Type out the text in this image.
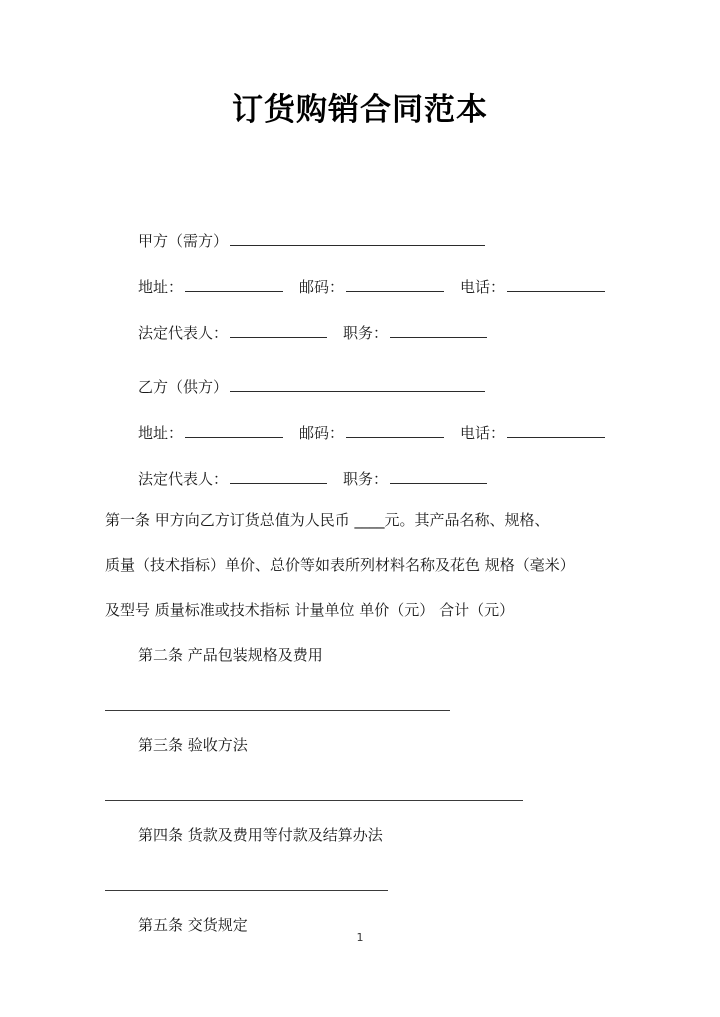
订货购销合同范本
甲方（需方）
地址：	邮码：	电话：
法定代表人：	职务：
乙方（供方）
地址：	邮码：	电话：
法定代表人：	职务：
第一条 甲方向乙方订货总值为人民币 ____元。其产品名称、规格、
质量（技术指标）单价、总价等如表所列材料名称及花色 规格（毫米）
及型号 质量标准或技术指标 计量单位 单价（元） 合计（元）
第二条 产品包装规格及费用
第三条 验收方法
第四条 货款及费用等付款及结算办法
第五条 交货规定
1
